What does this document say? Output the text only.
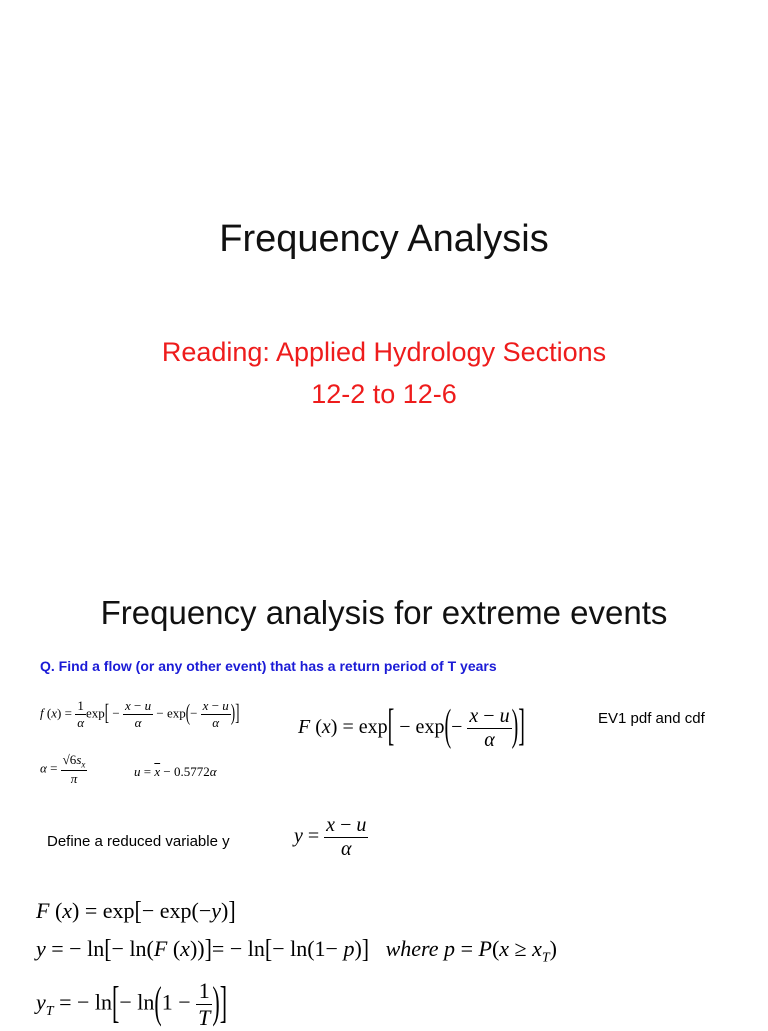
Frequency Analysis
Reading: Applied Hydrology Sections
12-2 to 12-6
Frequency analysis for extreme events
Q. Find a flow (or any other event) that has a return period of T years
f $(x) = \frac{1}{\alpha} \exp[ - \frac{x - u}{\alpha} - \exp(- \frac{x - u}{\alpha}$ )]
F $(x) = \exp[ - \exp(- \frac{x - u}{\alpha}$ )]	EV1 pdf and cdf
$\alpha = \frac{√6s_x}{\pi}$	$u = \overline{x} - 0.5772\alpha$
Define a reduced variable y	$y = \frac{x - u}{\alpha}$
F (x) = exp[− exp(−y)]
y = − ln[− ln(F (x))]= − ln[− ln(1− p)]   where $p = P(x \ge x_T)$
$y_T$ = − $\ln[- \ln(1 - \frac{1}{T}$ )]
